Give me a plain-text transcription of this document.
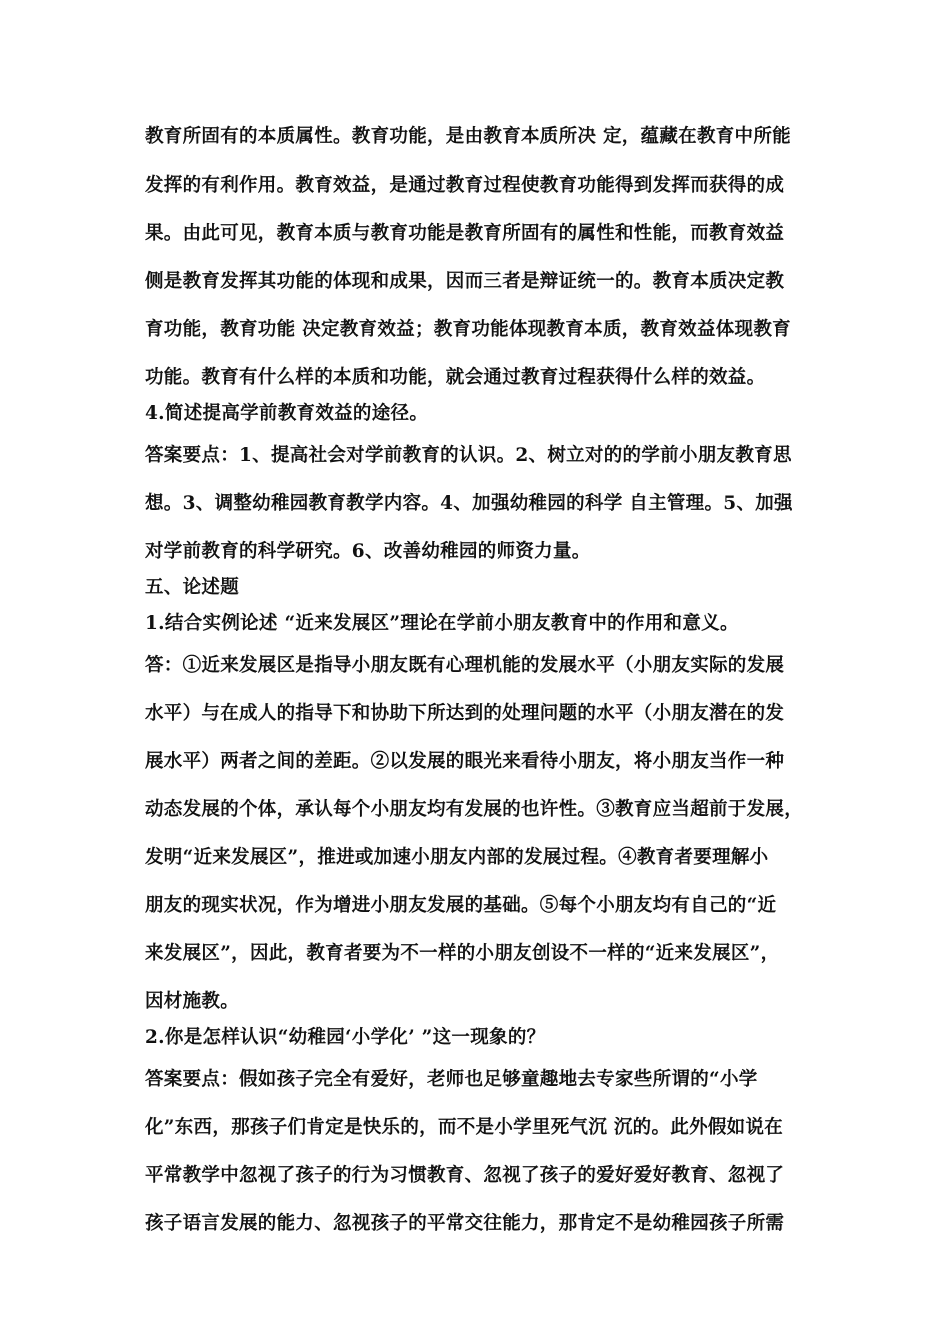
教育所固有的本质属性。教育功能，是由教育本质所决 定，蕴藏在教育中所能
发挥的有利作用。教育效益，是通过教育过程使教育功能得到发挥而获得的成
果。由此可见，教育本质与教育功能是教育所固有的属性和性能，而教育效益
侧是教育发挥其功能的体现和成果，因而三者是辩证统一的。教育本质决定教
育功能，教育功能 决定教育效益；教育功能体现教育本质，教育效益体现教育
功能。教育有什么样的本质和功能，就会通过教育过程获得什么样的效益。
4.简述提高学前教育效益的途径。
答案要点：1、提高社会对学前教育的认识。2、树立对的的学前小朋友教育思
想。3、调整幼稚园教育教学内容。4、加强幼稚园的科学 自主管理。5、加强
对学前教育的科学研究。6、改善幼稚园的师资力量。
五、论述题
1.结合实例论述 “近来发展区”理论在学前小朋友教育中的作用和意义。
答：①近来发展区是指导小朋友既有心理机能的发展水平（小朋友实际的发展
水平）与在成人的指导下和协助下所达到的处理问题的水平（小朋友潜在的发
展水平）两者之间的差距。②以发展的眼光来看待小朋友，将小朋友当作一种
动态发展的个体，承认每个小朋友均有发展的也许性。③教育应当超前于发展，
发明“近来发展区”，推进或加速小朋友内部的发展过程。④教育者要理解小
朋友的现实状况，作为增进小朋友发展的基础。⑤每个小朋友均有自己的“近
来发展区”，因此，教育者要为不一样的小朋友创设不一样的“近来发展区”，
因材施教。
2.你是怎样认识“幼稚园‘小学化’ ”这一现象的？
答案要点：假如孩子完全有爱好，老师也足够童趣地去专家些所谓的“小学
化”东西，那孩子们肯定是快乐的，而不是小学里死气沉 沉的。此外假如说在
平常教学中忽视了孩子的行为习惯教育、忽视了孩子的爱好爱好教育、忽视了
孩子语言发展的能力、忽视孩子的平常交往能力，那肯定不是幼稚园孩子所需
